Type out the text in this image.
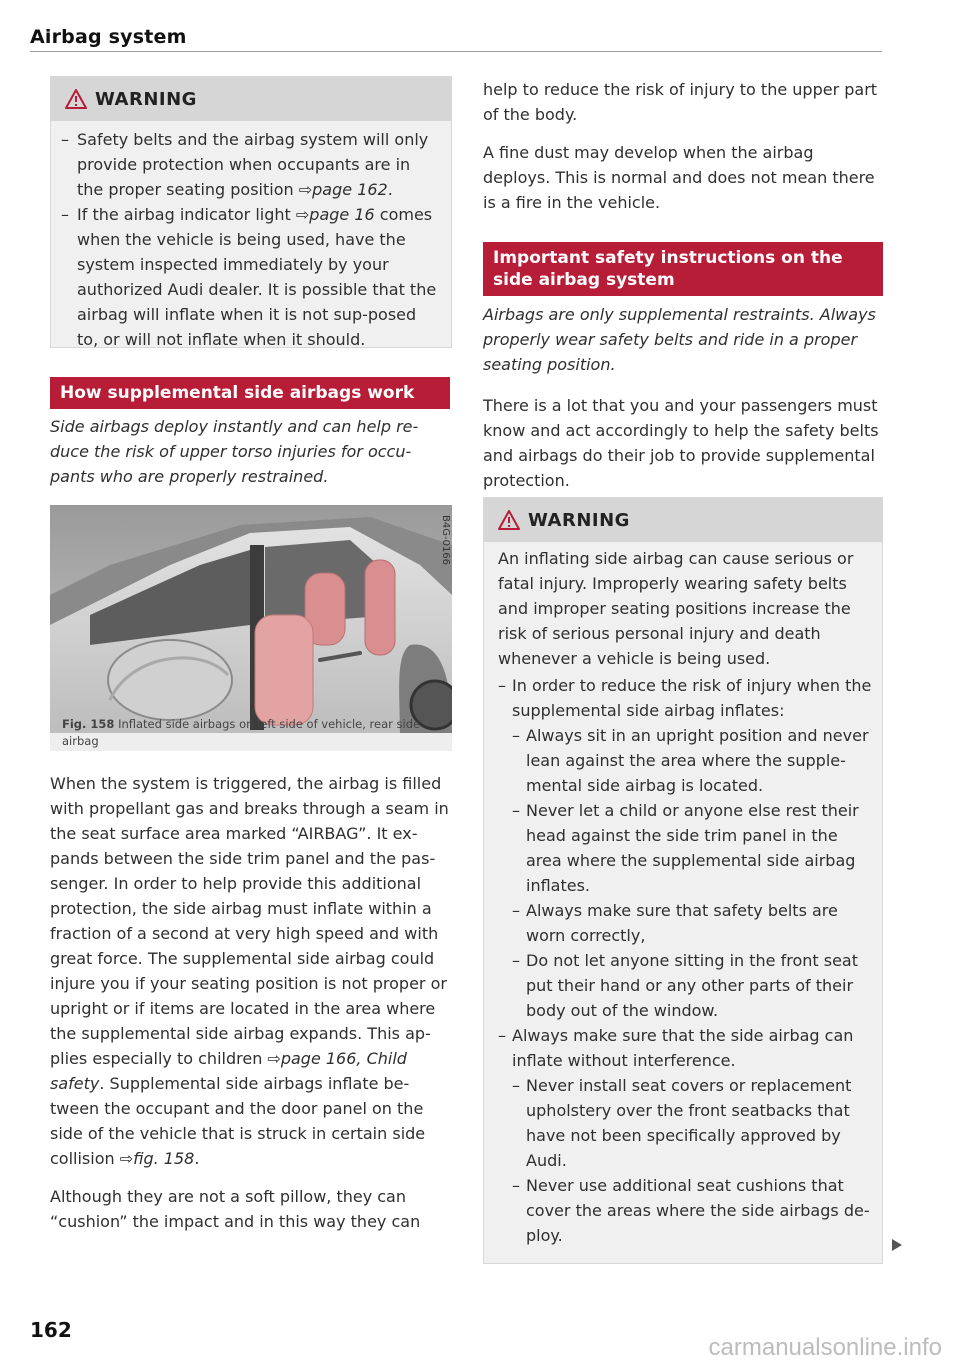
Airbag system
WARNING
– Safety belts and the airbag system will only provide protection when occupants are in the proper seating position ⇨page 162.
– If the airbag indicator light ⇨page 16 comes when the vehicle is being used, have the system inspected immediately by your authorized Audi dealer. It is possible that the airbag will inflate when it is not sup-posed to, or will not inflate when it should.
How supplemental side airbags work
Side airbags deploy instantly and can help re-duce the risk of upper torso injuries for occu-pants who are properly restrained.
B4G-0166
Fig. 158 Inflated side airbags on left side of vehicle, rear side airbag

When the system is triggered, the airbag is filled with propellant gas and breaks through a seam in the seat surface area marked “AIRBAG”. It ex-pands between the side trim panel and the pas-senger. In order to help provide this additional protection, the side airbag must inflate within a fraction of a second at very high speed and with great force. The supplemental side airbag could injure you if your seating position is not proper or upright or if items are located in the area where the supplemental side airbag expands. This ap-plies especially to children ⇨page 166, Child safety. Supplemental side airbags inflate be-tween the occupant and the door panel on the side of the vehicle that is struck in certain side collision ⇨fig. 158.

Although they are not a soft pillow, they can “cushion” the impact and in this way they can

162

help to reduce the risk of injury to the upper part of the body.

A fine dust may develop when the airbag deploys. This is normal and does not mean there is a fire in the vehicle.

Important safety instructions on the side airbag system
Airbags are only supplemental restraints. Always properly wear safety belts and ride in a proper seating position.
There is a lot that you and your passengers must know and act accordingly to help the safety belts and airbags do their job to provide supplemental protection.
WARNING
An inflating side airbag can cause serious or fatal injury. Improperly wearing safety belts and improper seating positions increase the risk of serious personal injury and death whenever a vehicle is being used.
– In order to reduce the risk of injury when the supplemental side airbag inflates:
– Always sit in an upright position and never lean against the area where the supple-mental side airbag is located.
– Never let a child or anyone else rest their head against the side trim panel in the area where the supplemental side airbag inflates.
– Always make sure that safety belts are worn correctly,
– Do not let anyone sitting in the front seat put their hand or any other parts of their body out of the window.
– Always make sure that the side airbag can inflate without interference.
– Never install seat covers or replacement upholstery over the front seatbacks that have not been specifically approved by Audi.
– Never use additional seat cushions that cover the areas where the side airbags de-ploy.
carmanualsonline.info
